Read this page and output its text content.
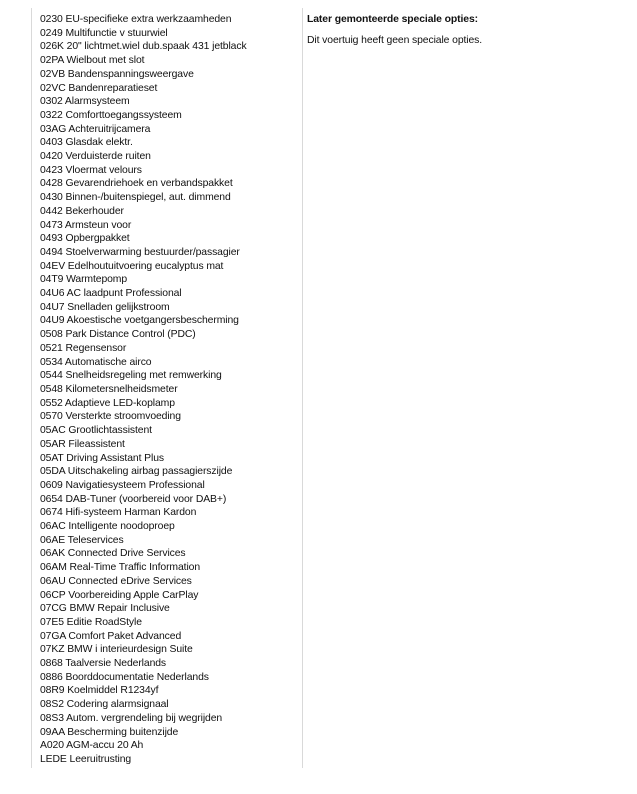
0230 EU-specifieke extra werkzaamheden
0249 Multifunctie v stuurwiel
026K 20" lichtmet.wiel dub.spaak 431 jetblack
02PA Wielbout met slot
02VB Bandenspanningsweergave
02VC Bandenreparatieset
0302 Alarmsysteem
0322 Comforttoegangssysteem
03AG Achteruitrijcamera
0403 Glasdak elektr.
0420 Verduisterde ruiten
0423 Vloermat velours
0428 Gevarendriehoek en verbandspakket
0430 Binnen-/buitenspiegel, aut. dimmend
0442 Bekerhouder
0473 Armsteun voor
0493 Opbergpakket
0494 Stoelverwarming bestuurder/passagier
04EV Edelhoutuitvoering eucalyptus mat
04T9 Warmtepomp
04U6 AC laadpunt Professional
04U7 Snelladen gelijkstroom
04U9 Akoestische voetgangersbescherming
0508 Park Distance Control (PDC)
0521 Regensensor
0534 Automatische airco
0544 Snelheidsregeling met remwerking
0548 Kilometersnelheidsmeter
0552 Adaptieve LED-koplamp
0570 Versterkte stroomvoeding
05AC Grootlichtassistent
05AR Fileassistent
05AT Driving Assistant Plus
05DA Uitschakeling airbag passagierszijde
0609 Navigatiesysteem Professional
0654 DAB-Tuner (voorbereid voor DAB+)
0674 Hifi-systeem Harman Kardon
06AC Intelligente noodoproep
06AE Teleservices
06AK Connected Drive Services
06AM Real-Time Traffic Information
06AU Connected eDrive Services
06CP Voorbereiding Apple CarPlay
07CG BMW Repair Inclusive
07E5 Editie RoadStyle
07GA Comfort Paket Advanced
07KZ BMW i interieurdesign Suite
0868 Taalversie Nederlands
0886 Boorddocumentatie Nederlands
08R9 Koelmiddel R1234yf
08S2 Codering alarmsignaal
08S3 Autom. vergrendeling bij wegrijden
09AA Bescherming buitenzijde
A020 AGM-accu 20 Ah
LEDE Leeruitrusting
Later gemonteerde speciale opties:
Dit voertuig heeft geen speciale opties.
